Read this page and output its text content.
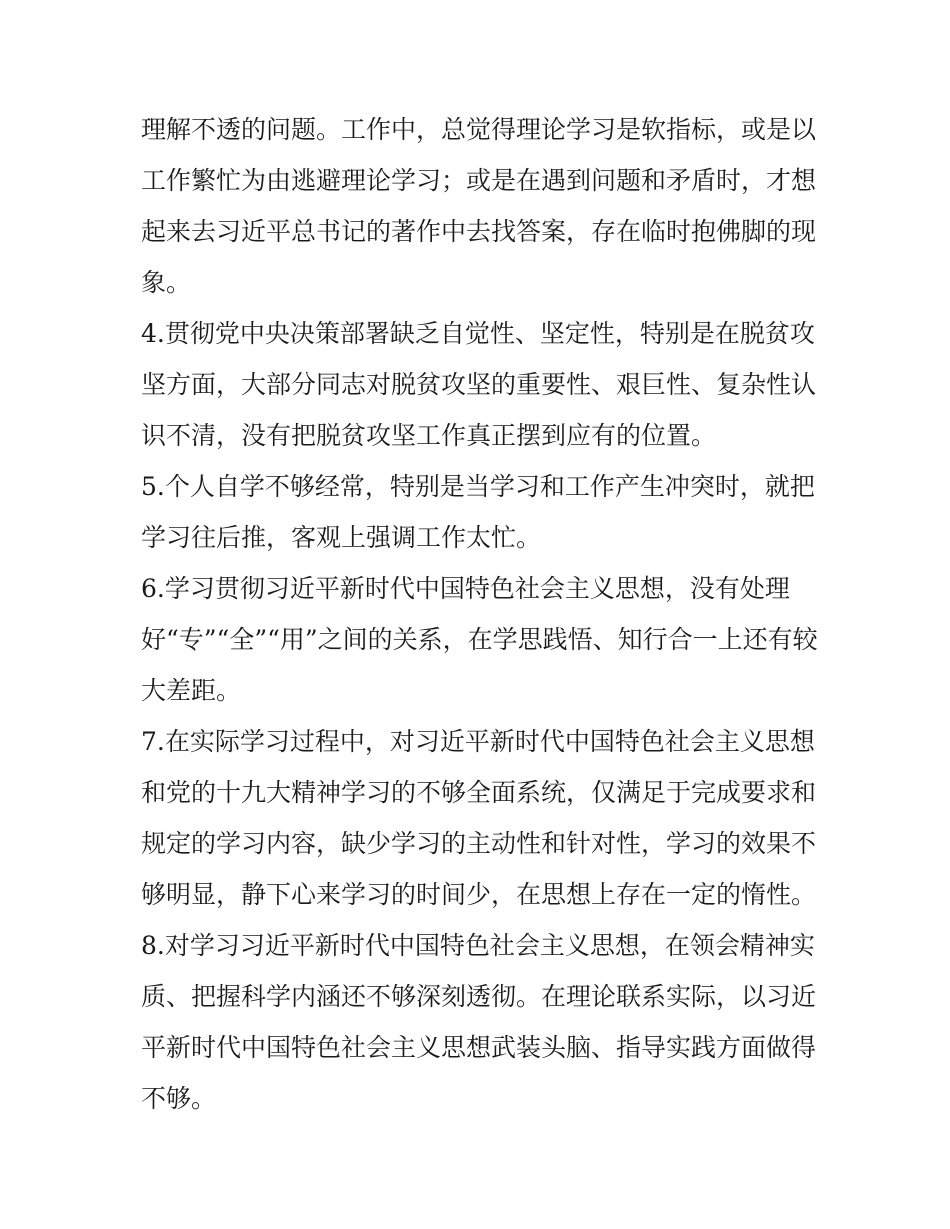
理解不透的问题。工作中，总觉得理论学习是软指标，或是以工作繁忙为由逃避理论学习；或是在遇到问题和矛盾时，才想起来去习近平总书记的著作中去找答案，存在临时抱佛脚的现象。

4.贯彻党中央决策部署缺乏自觉性、坚定性，特别是在脱贫攻坚方面，大部分同志对脱贫攻坚的重要性、艰巨性、复杂性认识不清，没有把脱贫攻坚工作真正摆到应有的位置。

5.个人自学不够经常，特别是当学习和工作产生冲突时，就把学习往后推，客观上强调工作太忙。

6.学习贯彻习近平新时代中国特色社会主义思想，没有处理好“专”“全”“用”之间的关系，在学思践悟、知行合一上还有较大差距。

7.在实际学习过程中，对习近平新时代中国特色社会主义思想和党的十九大精神学习的不够全面系统，仅满足于完成要求和规定的学习内容，缺少学习的主动性和针对性，学习的效果不够明显，静下心来学习的时间少，在思想上存在一定的惰性。

8.对学习习近平新时代中国特色社会主义思想，在领会精神实质、把握科学内涵还不够深刻透彻。在理论联系实际，以习近平新时代中国特色社会主义思想武装头脑、指导实践方面做得不够。
